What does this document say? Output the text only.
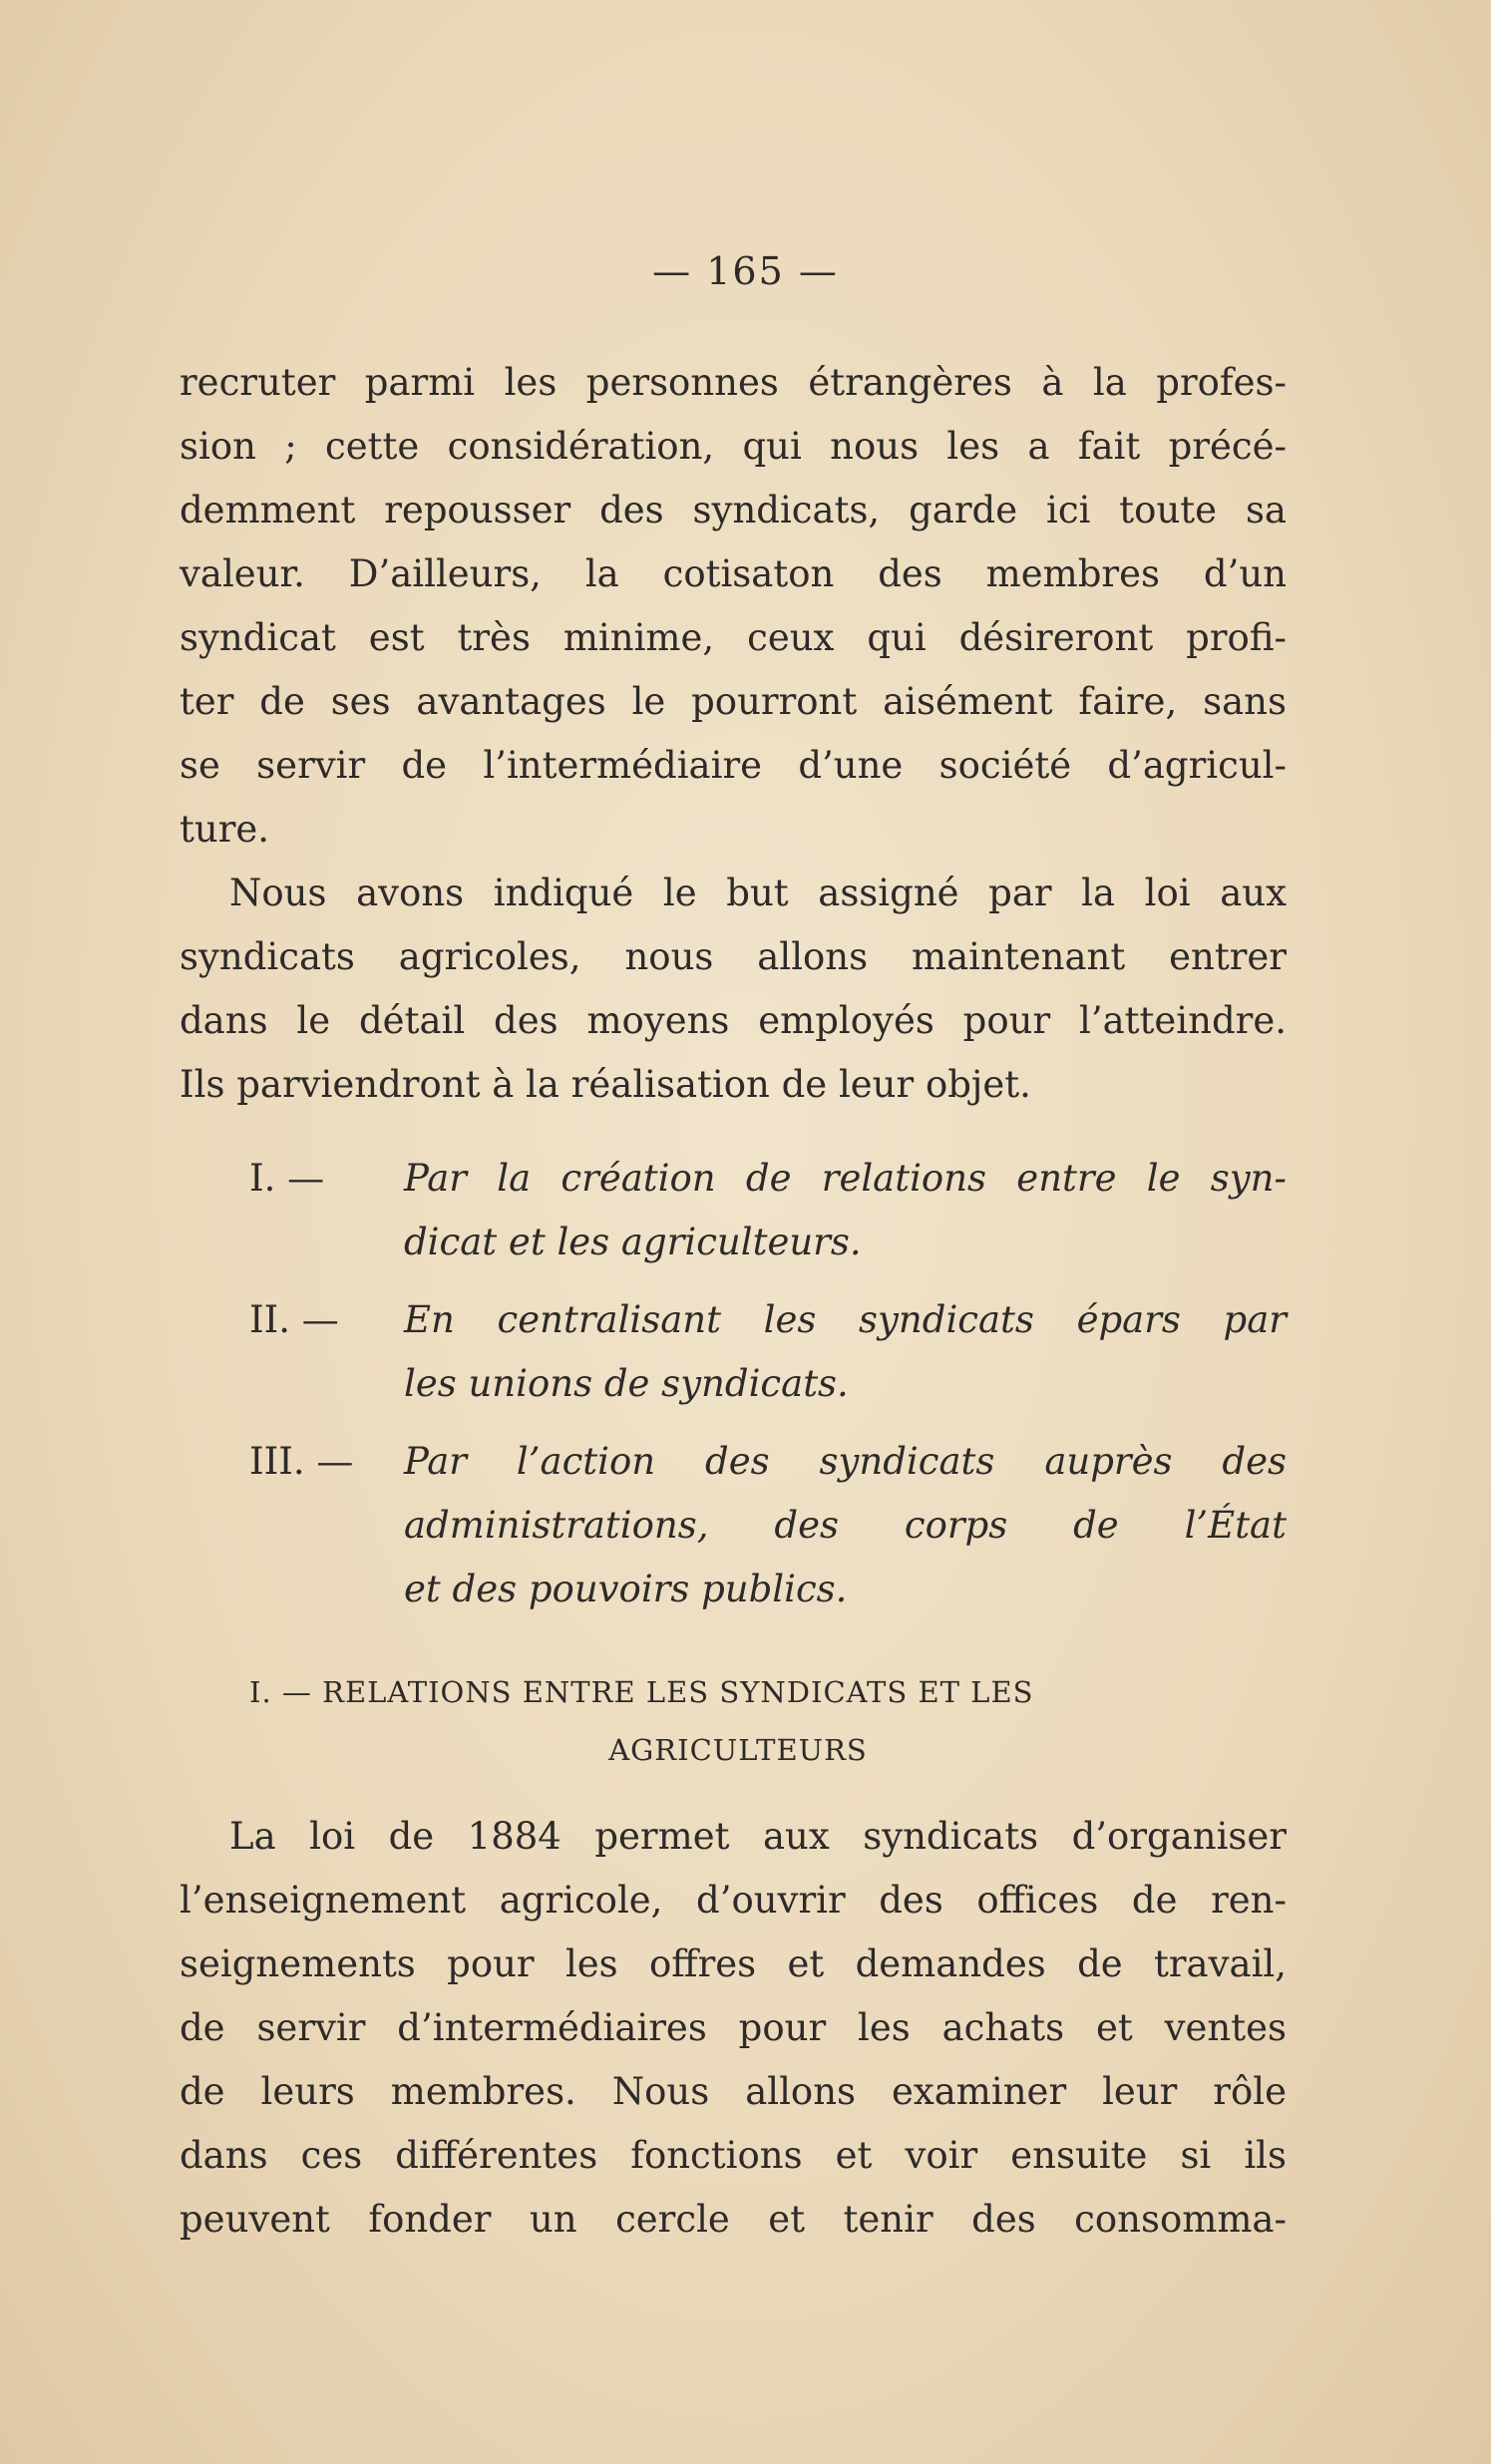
— 165 —
recruter parmi les personnes étrangères à la profes-
sion ; cette considération, qui nous les a fait précé-
demment repousser des syndicats, garde ici toute sa
valeur. D’ailleurs, la cotisaton des membres d’un
syndicat est très minime, ceux qui désireront profi-
ter de ses avantages le pourront aisément faire, sans
se servir de l’intermédiaire d’une société d’agricul-
ture.
Nous avons indiqué le but assigné par la loi aux
syndicats agricoles, nous allons maintenant entrer
dans le détail des moyens employés pour l’atteindre.
Ils parviendront à la réalisation de leur objet.
I. — Par la création de relations entre le syn-
dicat et les agriculteurs.
II. — En centralisant les syndicats épars par
les unions de syndicats.
III. — Par l’action des syndicats auprès des
administrations, des corps de l’État
et des pouvoirs publics.
I. — RELATIONS ENTRE LES SYNDICATS ET LES
AGRICULTEURS
La loi de 1884 permet aux syndicats d’organiser
l’enseignement agricole, d’ouvrir des offices de ren-
seignements pour les offres et demandes de travail,
de servir d’intermédiaires pour les achats et ventes
de leurs membres. Nous allons examiner leur rôle
dans ces différentes fonctions et voir ensuite si ils
peuvent fonder un cercle et tenir des consomma-
